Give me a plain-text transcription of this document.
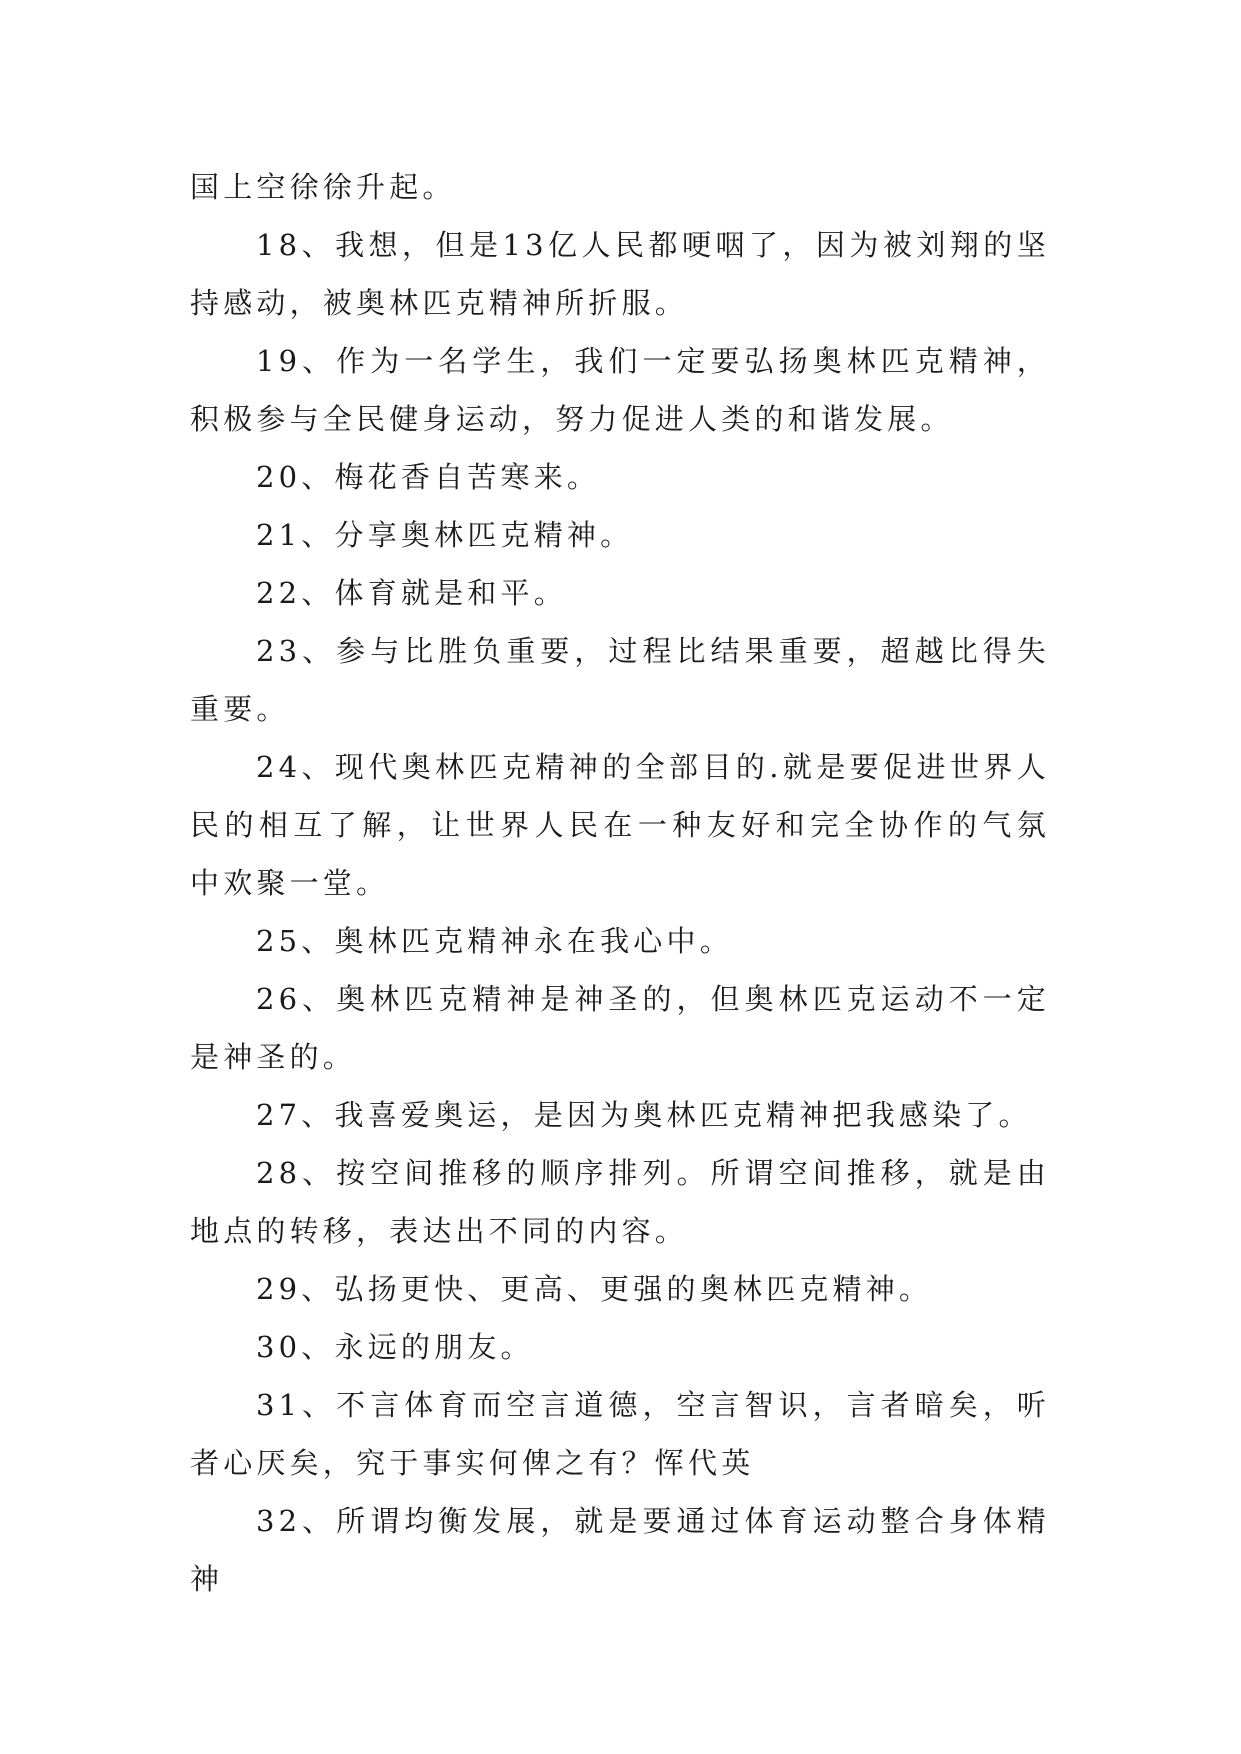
国上空徐徐升起。

18、我想，但是13亿人民都哽咽了，因为被刘翔的坚持感动，被奥林匹克精神所折服。

19、作为一名学生，我们一定要弘扬奥林匹克精神，积极参与全民健身运动，努力促进人类的和谐发展。

20、梅花香自苦寒来。

21、分享奥林匹克精神。

22、体育就是和平。

23、参与比胜负重要，过程比结果重要，超越比得失重要。

24、现代奥林匹克精神的全部目的.就是要促进世界人民的相互了解，让世界人民在一种友好和完全协作的气氛中欢聚一堂。

25、奥林匹克精神永在我心中。

26、奥林匹克精神是神圣的，但奥林匹克运动不一定是神圣的。

27、我喜爱奥运，是因为奥林匹克精神把我感染了。

28、按空间推移的顺序排列。所谓空间推移，就是由地点的转移，表达出不同的内容。

29、弘扬更快、更高、更强的奥林匹克精神。

30、永远的朋友。

31、不言体育而空言道德，空言智识，言者暗矣，听者心厌矣，究于事实何俾之有？恽代英

32、所谓均衡发展，就是要通过体育运动整合身体精神
